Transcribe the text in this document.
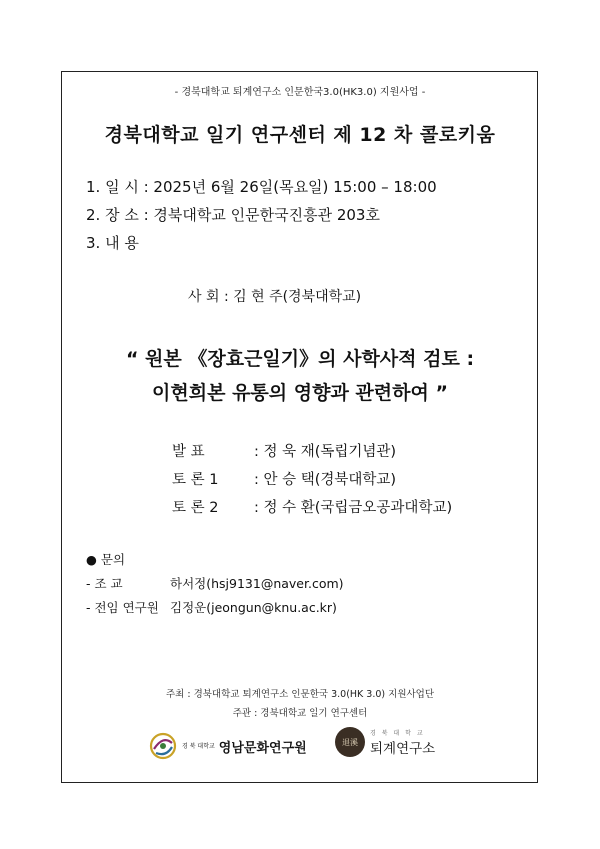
- 경북대학교 퇴계연구소 인문한국3.0(HK3.0) 지원사업 -
경북대학교 일기 연구센터 제 12 차 콜로키움
1. 일 시 : 2025년 6월 26일(목요일) 15:00 – 18:00
2. 장 소 : 경북대학교 인문한국진흥관 203호
3. 내 용
사 회 : 김 현 주(경북대학교)
“ 원본 《장효근일기》의 사학사적 검토 :
이현희본 유통의 영향과 관련하여 ”
발 표	: 정 욱 재(독립기념관)
토 론 1 : 안 승 택(경북대학교)
토 론 2 : 정 수 환(국립금오공과대학교)
● 문의
- 조 교	하서정(hsj9131@naver.com)
- 전임 연구원 김정운(jeongun@knu.ac.kr)
주최 : 경북대학교 퇴계연구소 인문한국 3.0(HK 3.0) 지원사업단
주관 : 경북대학교 일기 연구센터
경 북 대학교 영남문화연구원	退溪
경 북 대 학 교
퇴계연구소
